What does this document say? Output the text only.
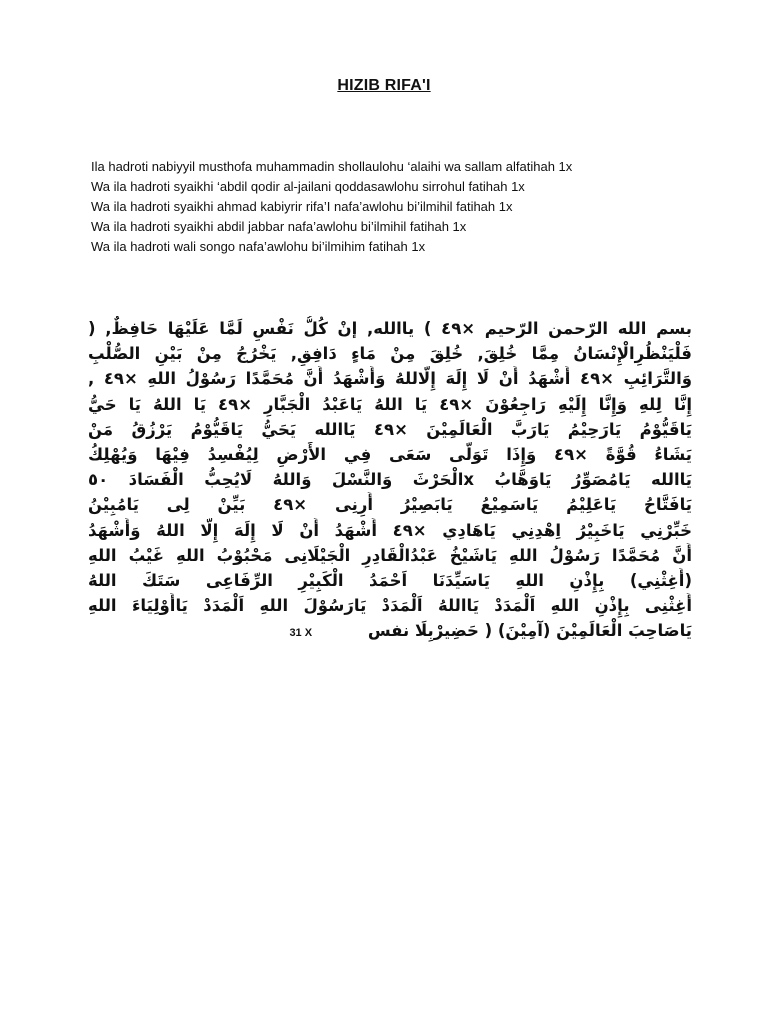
HIZIB RIFA'I
Ila hadroti nabiyyil musthofa muhammadin shollaulohu ‘alaihi wa sallam alfatihah 1x
Wa ila hadroti syaikhi ‘abdil qodir al-jailani qoddasawlohu sirrohul fatihah 1x
Wa ila hadroti syaikhi ahmad kabiyrir rifa’I nafa’awlohu bi’ilmihil fatihah 1x
Wa ila hadroti syaikhi abdil jabbar nafa’awlohu bi’ilmihil fatihah 1x
Wa ila hadroti wali songo nafa’awlohu bi’ilmihim fatihah 1x
بسم الله الرّحمن الرّحيم ×٤٩ ) ياالله, إنْ كُلُّ نَفْسٍ لَمَّا عَلَيْهَا حَافِظٌ, (
فَلْيَنْظُرِالْإِنْسَانُ مِمَّا خُلِقَ, خُلِقَ مِنْ مَاءٍ دَافِقٍ, يَخْرُجُ مِنْ بَيْنِ الصُّلْبِ
وَالتَّرَائِبِ ×٤٩ أَشْهَدُ أَنْ لَا إِلَهَ إِلَّاللهُ وَأَشْهَدُ أَنَّ مُحَمَّدًا رَسُوْلُ اللهِ ×٤٩ ,
إِنَّا لِلهِ وَإِنَّا إِلَيْهِ رَاجِعُوْنَ ×٤٩ يَا اللهُ يَاعَبْدُ الْجَبَّارِ ×٤٩ يَا اللهُ يَا حَيُّ
يَاقَيُّوْمُ يَارَحِيْمُ يَارَبَّ الْعَالَمِيْنَ ×٤٩ يَاالله يَحَيُّ يَاقَيُّوْمُ يَرْزُقُ مَنْ
يَشَاءُ قُوَّةً ×٤٩ وَإِذَا تَوَلَّى سَعَى فِي الأَرْضِ لِيُفْسِدُ فِيْهَا وَيُهْلِكُ
يَاالله يَامُصَوِّرُ يَاوَهَّابُ xالْحَرْثَ وَالنَّسْلَ وَاللهُ لَايُحِبُّ الْفَسَادَ ٥٠
يَافَتَّاحُ يَاعَلِيْمُ يَاسَمِيْعُ يَابَصِيْرُ أَرِنِى ×٤٩ بَيِّنْ لِى يَامُبِيْنُ
خَبِّرْنِي يَاخَبِيْرُ اِهْدِنِي يَاهَادِي ×٤٩ أَشْهَدُ أَنْ لَا إِلَهَ إِلَّا اللهُ وَأَشْهَدُ
أَنَّ مُحَمَّدًا رَسُوْلُ اللهِ يَاشَيْخُ عَبْدُالْقَادِرِ الْجَيْلَانِى مَحْبُوْبُ اللهِ غَيْبُ اللهِ
(أَغِثْنِي) بِإِذْنِ اللهِ يَاسَيِّدَنَا اَحْمَدُ الْكَبِيْرِ الرِّفَاعِى سَتَكَ اللهُ
أَغِثْنِى بِإِذْنِ اللهِ اَلْمَدَدْ يَااللهُ اَلْمَدَدْ يَارَسُوْلَ اللهِ اَلْمَدَدْ يَاأَوْلِيَاءَ اللهِ
يَاصَاحِبَ الْعَالَمِيْنَ (آمِيْنَ) ( حَضِيرْبِلَا نفس 31 X
